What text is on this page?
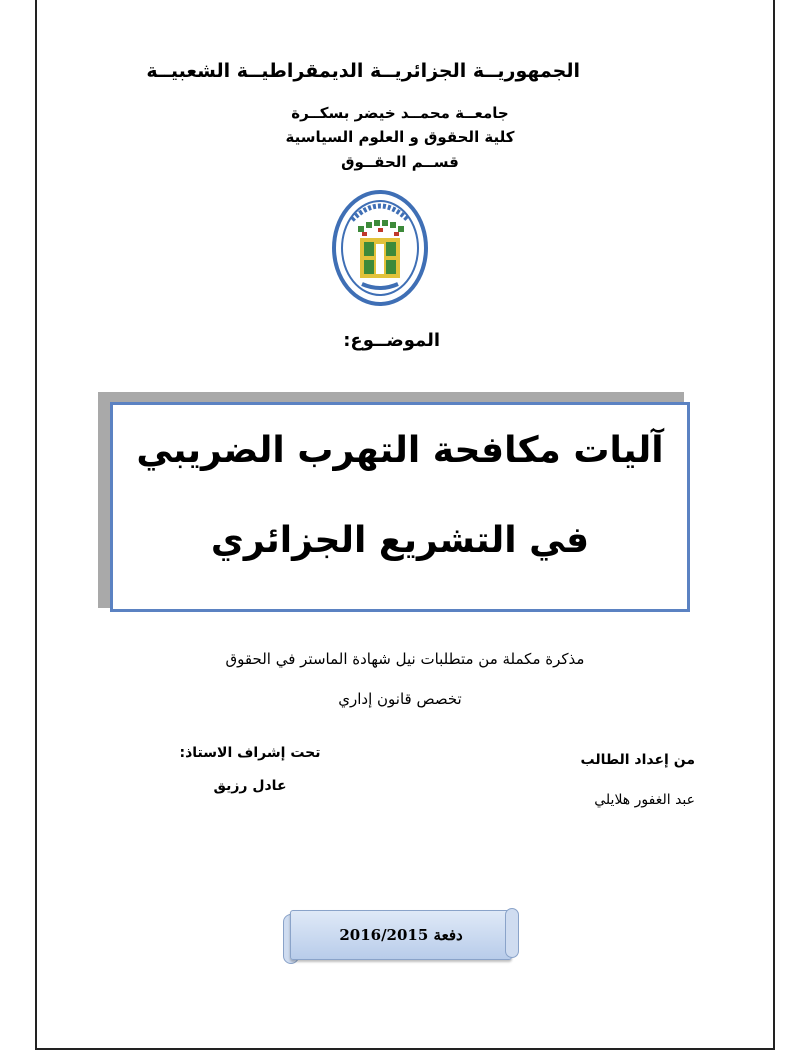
الجمهوريــة الجزائريــة الديمقراطيــة الشعبيــة
جامعــة محمــد خيضر بسكــرة
كلية الحقوق و العلوم السياسية
قســم الحقــوق
الموضــوع:
آليات مكافحة التهرب الضريبي
في التشريع الجزائري
مذكرة مكملة من متطلبات نيل شهادة الماستر في الحقوق
تخصص قانون إداري
تحت إشراف الاستاذ:
عادل رزيق
من إعداد الطالب
عبد الغفور هلايلي
دفعة 2016/2015
